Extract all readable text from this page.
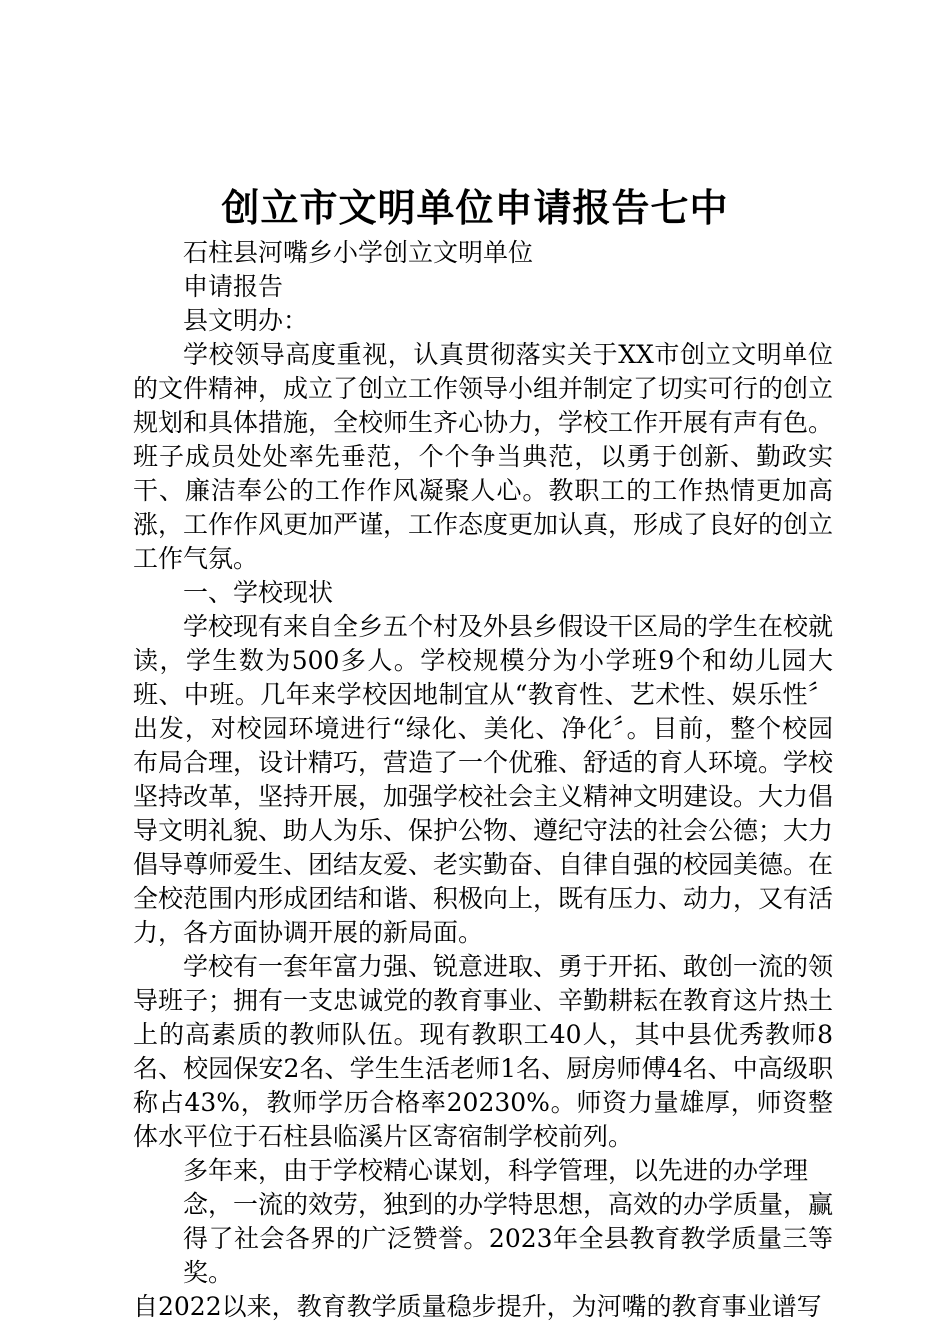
创立市文明单位申请报告七中

石柱县河嘴乡小学创立文明单位

申请报告

县文明办：

学校领导高度重视，认真贯彻落实关于XX市创立文明单位的文件精神，成立了创立工作领导小组并制定了切实可行的创立规划和具体措施，全校师生齐心协力，学校工作开展有声有色。班子成员处处率先垂范，个个争当典范，以勇于创新、勤政实干、廉洁奉公的工作作风凝聚人心。教职工的工作热情更加高涨，工作作风更加严谨，工作态度更加认真，形成了良好的创立工作气氛。

一、学校现状

学校现有来自全乡五个村及外县乡假设干区局的学生在校就读，学生数为500多人。学校规模分为小学班9个和幼儿园大班、中班。几年来学校因地制宜从“教育性、艺术性、娱乐性〞出发，对校园环境进行“绿化、美化、净化〞。目前，整个校园布局合理，设计精巧，营造了一个优雅、舒适的育人环境。学校坚持改革，坚持开展，加强学校社会主义精神文明建设。大力倡导文明礼貌、助人为乐、保护公物、遵纪守法的社会公德；大力倡导尊师爱生、团结友爱、老实勤奋、自律自强的校园美德。在全校范围内形成团结和谐、积极向上，既有压力、动力，又有活力，各方面协调开展的新局面。

学校有一套年富力强、锐意进取、勇于开拓、敢创一流的领导班子；拥有一支忠诚党的教育事业、辛勤耕耘在教育这片热土上的高素质的教师队伍。现有教职工40人，其中县优秀教师8名、校园保安2名、学生生活老师1名、厨房师傅4名、中高级职称占43%，教师学历合格率20230%。师资力量雄厚，师资整体水平位于石柱县临溪片区寄宿制学校前列。

多年来，由于学校精心谋划，科学管理，以先进的办学理

念，一流的效劳，独到的办学特思想，高效的办学质量，赢得了社会各界的广泛赞誉。2023年全县教育教学质量三等奖。

自2022以来，教育教学质量稳步提升，为河嘴的教育事业谱写
